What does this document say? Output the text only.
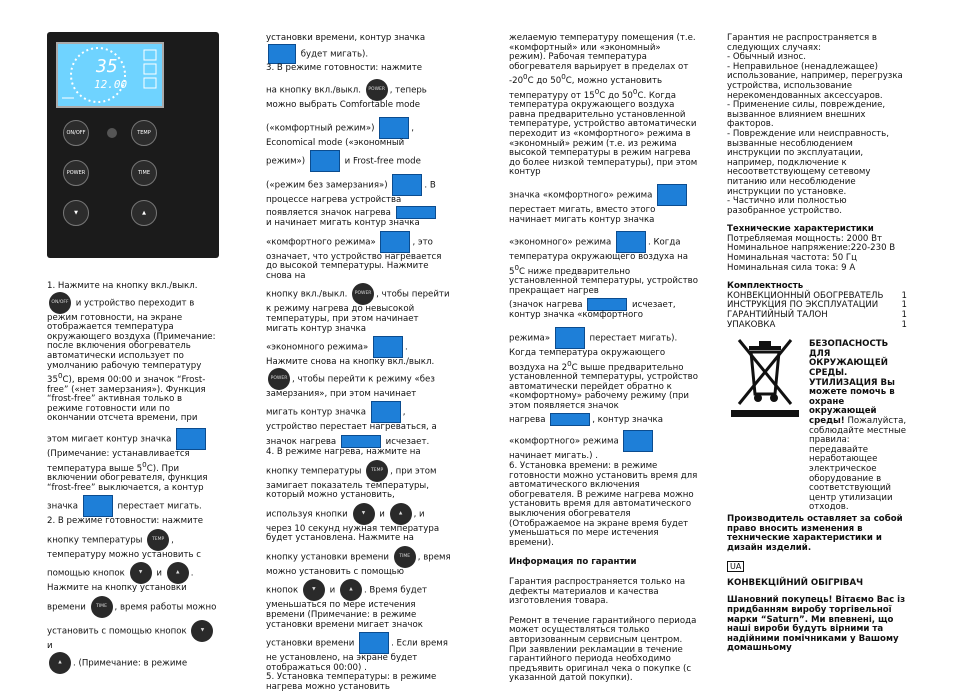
35
12.00
ON/OFF	TEMP
POWER	TIME
▼	▲

1. Нажмите на кнопку вкл./выкл.

ON/OFF и устройство переходит в режим готовности, на экране отображается температура окружающего воздуха (Примечание: после включения обогреватель автоматически использует по умолчанию рабочую температуру $35^0С$), время 00:00 и значок “Frost-free” («нет замерзания»). Функция “frost-free” активная только в режиме готовности или по окончании отсчета времени, при

этом мигает контур значка

(Примечание: устанавливается температура выше $5^0С$). При включении обогревателя, функция “frost-free” выключается, а контур

значка	перестает мигать.

2. В режиме готовности: нажмите

кнопку температуры TEMP , температуру можно установить с

помощью кнопок	▼ и	▲ . Нажмите на кнопку установки

времени TIME , время работы можно

установить с помощью кнопок	▼ и

▲ . (Примечание: в режиме

установки времени, контур значка

будет мигать).

3. В режиме готовности: нажмите

на кнопку вкл./выкл. POWER , теперь можно выбрать Comfortable mode

(«комфортный режим»)	, Economical mode («экономный

режим»)	и Frost-free mode

(«режим без замерзания»)	. В процессе нагрева устройства появляется значок нагрева

и начинает мигать контур значка

«комфортного режима»	, это означает, что устройство нагревается до высокой температуры. Нажмите снова на

кнопку вкл./выкл. POWER , чтобы перейти к режиму нагрева до невысокой температуры, при этом начинает мигать контур значка

«экономного режима»	. Нажмите снова на кнопку вкл./выкл.

POWER , чтобы перейти к режиму «без замерзания», при этом начинает

мигать контур значка	, устройство перестает нагреваться, а

значок нагрева	исчезает.

4. В режиме нагрева, нажмите на

кнопку температуры TEMP , при этом замигает показатель температуры, который можно установить,

используя кнопки	▼ и	▲ , и через 10 секунд нужная температура будет установлена. Нажмите на

кнопку установки времени TIME , время можно установить с помощью

кнопок	▼ и	▲ . Время будет уменьшаться по мере истечения времени (Примечание: в режиме установки времени мигает значок

установки времени	. Если время не установлено, на экране будет отображаться 00:00) .

5. Установка температуры: в режиме нагрева можно установить

желаемую температуру помещения (т.е. «комфортный» или «экономный» режим). Рабочая температура обогревателя варьирует в пределах от $-20^0С$ до $50^0С$, можно установить температуру от $15^0С$ до $50^0С$. Когда температура окружающего воздуха равна предварительно установленной температуре, устройство автоматически переходит из «комфортного» режима в «экономный» режим (т.е. из режима высокой температуры в режим нагрева до более низкой температуры), при этом контур

значка «комфортного» режима

перестает мигать, вместо этого начинает мигать контур значка

«экономного» режима	. Когда температура окружающего воздуха на $5^0С$ ниже предварительно установленной температуры, устройство прекращает нагрев

(значок нагрева	исчезает, контур значка «комфортного

режима»	перестает мигать). Когда температура окружающего воздуха на $2^0С$ выше предварительно установленной температуры, устройство автоматически перейдет обратно к «комфортному» рабочему режиму (при этом появляется значок

нагрева	, контур значка

«комфортного» режима

начинает мигать.) .

6. Установка времени: в режиме готовности можно установить время для автоматического включения обогревателя. В режиме нагрева можно установить время для автоматического выключения обогревателя (Отображаемое на экране время будет уменьшаться по мере истечения времени).

Информация по гарантии

Гарантия распространяется только на дефекты материалов и качества изготовления товара.

Ремонт в течение гарантийного периода может осуществляться только авторизованным сервисным центром. При заявлении рекламации в течение гарантийного периода необходимо предъявить оригинал чека о покупке (с указанной датой покупки).

Гарантия не распространяется в следующих случаях:

- Обычный износ.

- Неправильное (ненадлежащее) использование, например, перегрузка устройства, использование нерекомендованных аксессуаров.

- Применение силы, повреждение, вызванное влиянием внешних факторов.

- Повреждение или неисправность, вызванные несоблюдением инструкции по эксплуатации, например, подключение к несоответствующему сетевому питанию или несоблюдение инструкции по установке.

- Частично или полностью разобранное устройство.

Технические характеристики

Потребляемая мощность: 2000 Вт

Номинальное напряжение:220-230 В

Номинальная частота: 50 Гц

Номинальная сила тока: 9 А

Комплектность

КОНВЕКЦИОННЫЙ ОБОГРЕВАТЕЛЬ	1
ИНСТРУКЦИЯ ПО ЭКСПЛУАТАЦИИ	1
ГАРАНТИЙНЫЙ ТАЛОН	1
УПАКОВКА	1
БЕЗОПАСНОСТЬ ДЛЯ ОКРУЖАЮЩЕЙ СРЕДЫ. УТИЛИЗАЦИЯ Вы можете помочь в охране окружающей среды! Пожалуйста, соблюдайте местные правила: передавайте неработающее электрическое оборудование в соответствующий центр утилизации отходов.

Производитель оставляет за собой право вносить изменения в технические характеристики и дизайн изделий.

UA

КОНВЕКЦІЙНИЙ ОБІГРІВАЧ

Шановний покупець! Вітаємо Вас із придбанням виробу торгівельної марки “Saturn”. Ми впевнені, що наші вироби будуть вірними та надійними помічниками у Вашому домашньому
